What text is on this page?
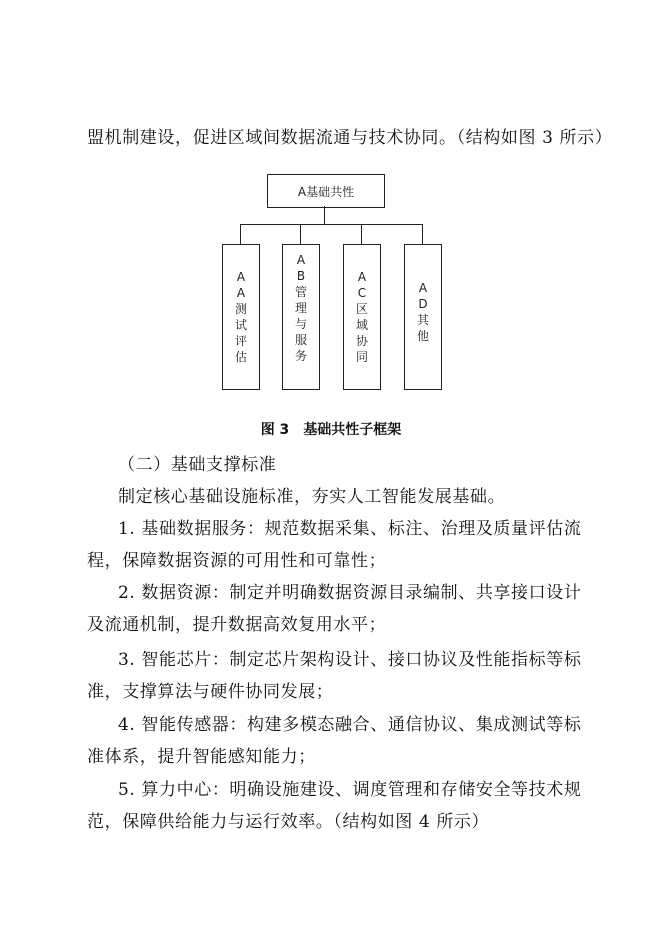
盟机制建设，促进区域间数据流通与技术协同。（结构如图 3 所示）
A基础共性
AA
测试评估
AB
管理与服务
AC
区域协同
AD
其他
图 3 基础共性子框架
（二）基础支撑标准
制定核心基础设施标准，夯实人工智能发展基础。
1. 基础数据服务：规范数据采集、标注、治理及质量评估流
程，保障数据资源的可用性和可靠性；
2. 数据资源：制定并明确数据资源目录编制、共享接口设计
及流通机制，提升数据高效复用水平；
3. 智能芯片：制定芯片架构设计、接口协议及性能指标等标
准，支撑算法与硬件协同发展；
4. 智能传感器：构建多模态融合、通信协议、集成测试等标
准体系，提升智能感知能力；
5. 算力中心：明确设施建设、调度管理和存储安全等技术规
范，保障供给能力与运行效率。（结构如图 4 所示）
